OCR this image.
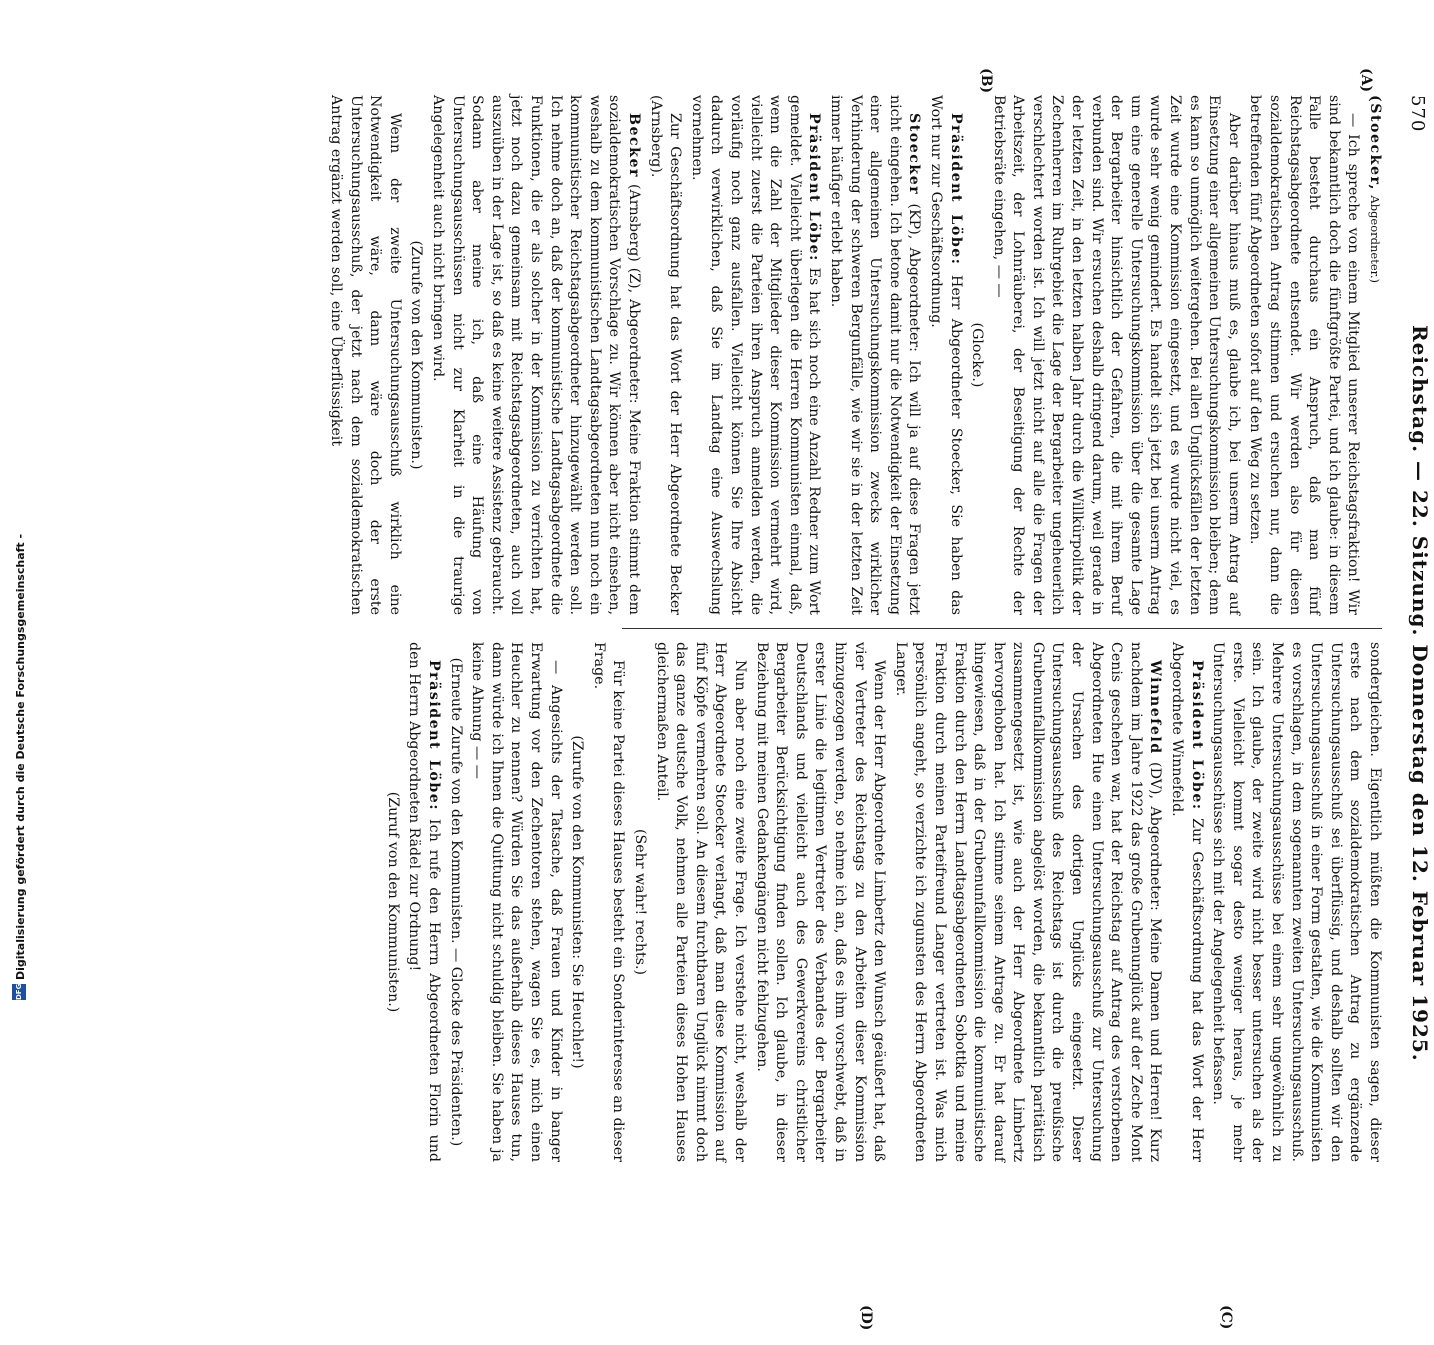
570
Reichstag. — 22. Sitzung. Donnerstag den 12. Februar 1925.
(A)
(B)
(C)
(D)

(Stoecker, Abgeordneter.)

— Ich spreche von einem Mitglied unserer Reichstagsfraktion! Wir sind bekanntlich doch die fünftgrößte Partei, und ich glaube: in diesem Falle besteht durchaus ein Anspruch, daß man fünf Reichstagsabgeordnete entsendet. Wir werden also für diesen sozialdemokratischen Antrag stimmen und ersuchen nur, dann die betreffenden fünf Abgeordneten sofort auf den Weg zu setzen.

Aber darüber hinaus muß es, glaube ich, bei unserm Antrag auf Einsetzung einer allgemeinen Untersuchungskommission bleiben; denn es kann so unmöglich weitergehen. Bei allen Unglücksfällen der letzten Zeit wurde eine Kommission eingesetzt, und es wurde nicht viel, es wurde sehr wenig gemindert. Es handelt sich jetzt bei unserm Antrag um eine generelle Untersuchungskommission über die gesamte Lage der Bergarbeiter hinsichtlich der Gefahren, die mit ihrem Beruf verbunden sind. Wir ersuchen deshalb dringend darum, weil gerade in der letzten Zeit, in den letzten halben Jahr durch die Willkürpolitik der Zechenherren im Ruhrgebiet die Lage der Bergarbeiter ungeheuerlich verschlechtert worden ist. Ich will jetzt nicht auf alle die Fragen der Arbeitszeit, der Lohnräuberei, der Beseitigung der Rechte der Betriebsräte eingehen, — —

(Glocke.)

Präsident Löbe: Herr Abgeordneter Stoecker, Sie haben das Wort nur zur Geschäftsordnung.

Stoecker (KP), Abgeordneter: Ich will ja auf diese Fragen jetzt nicht eingehen. Ich betone damit nur die Notwendigkeit der Einsetzung einer allgemeinen Untersuchungskommission zwecks wirklicher Verhinderung der schweren Bergunfälle, wie wir sie in der letzten Zeit immer häufiger erlebt haben.

Präsident Löbe: Es hat sich noch eine Anzahl Redner zum Wort gemeldet. Vielleicht überlegen die Herren Kommunisten einmal, daß, wenn die Zahl der Mitglieder dieser Kommission vermehrt wird, vielleicht zuerst die Parteien ihren Anspruch anmelden werden, die vorläufig noch ganz ausfallen. Vielleicht können Sie Ihre Absicht dadurch verwirklichen, daß Sie im Landtag eine Auswechslung vornehmen.

Zur Geschäftsordnung hat das Wort der Herr Abgeordnete Becker (Arnsberg).

Becker (Arnsberg) (Z), Abgeordneter: Meine Fraktion stimmt dem sozialdemokratischen Vorschlage zu. Wir können aber nicht einsehen, weshalb zu dem kommunistischen Landtagsabgeordneten nun noch ein kommunistischer Reichstagsabgeordneter hinzugewählt werden soll. Ich nehme doch an, daß der kommunistische Landtagsabgeordnete die Funktionen, die er als solcher in der Kommission zu verrichten hat, jetzt noch dazu gemeinsam mit Reichstagsabgeordneten, auch voll auszuüben in der Lage ist, so daß es keine weitere Assistenz gebraucht. Sodann aber meine ich, daß eine Häufung von Untersuchungsausschüssen nicht zur Klarheit in die traurige Angelegenheit auch nicht bringen wird.

(Zurufe von den Kommunisten.)

Wenn der zweite Untersuchungsausschuß wirklich eine Notwendigkeit wäre, dann wäre doch der erste Untersuchungsausschuß, der jetzt nach dem sozialdemokratischen Antrag ergänzt werden soll, eine Überflüssigkeit

sondergleichen. Eigentlich müßten die Kommunisten sagen, dieser erste nach dem sozialdemokratischen Antrag zu ergänzende Untersuchungsausschuß sei überflüssig, und deshalb sollten wir den Untersuchungsausschuß in einer Form gestalten, wie die Kommunisten es vorschlagen, in dem sogenannten zweiten Untersuchungsausschuß. Mehrere Untersuchungsausschüsse bei einem sehr ungewöhnlich zu sein. Ich glaube, der zweite wird nicht besser untersuchen als der erste. Vielleicht kommt sogar desto weniger heraus, je mehr Untersuchungsausschüsse sich mit der Angelegenheit befassen.

Präsident Löbe: Zur Geschäftsordnung hat das Wort der Herr Abgeordnete Winnefeld.

Winnefeld (DV), Abgeordneter: Meine Damen und Herren! Kurz nachdem im Jahre 1922 das große Grubenunglück auf der Zeche Mont Cenis geschehen war, hat der Reichstag auf Antrag des verstorbenen Abgeordneten Hue einen Untersuchungsausschuß zur Untersuchung der Ursachen des dortigen Unglücks eingesetzt. Dieser Untersuchungsausschuß des Reichstags ist durch die preußische Grubenunfallkommission abgelöst worden, die bekanntlich paritätisch zusammengesetzt ist, wie auch der Herr Abgeordnete Limbertz hervorgehoben hat. Ich stimme seinem Antrage zu. Er hat darauf hingewiesen, daß in der Grubenunfallkommission die kommunistische Fraktion durch den Herrn Landtagsabgeordneten Sobottka und meine Fraktion durch meinen Parteifreund Langer vertreten ist. Was mich persönlich angeht, so verzichte ich zugunsten des Herrn Abgeordneten Langer.

Wenn der Herr Abgeordnete Limbertz den Wunsch geäußert hat, daß vier Vertreter des Reichstags zu den Arbeiten dieser Kommission hinzugezogen werden, so nehme ich an, daß es ihm vorschwebt, daß in erster Linie die legitimen Vertreter des Verbandes der Bergarbeiter Deutschlands und vielleicht auch des Gewerkvereins christlicher Bergarbeiter Berücksichtigung finden sollen. Ich glaube, in dieser Beziehung mit meinen Gedankengängen nicht fehlzugehen.

Nun aber noch eine zweite Frage. Ich verstehe nicht, weshalb der Herr Abgeordnete Stoecker verlangt, daß man diese Kommission auf fünf Köpfe vermehren soll. An diesem furchtbaren Unglück nimmt doch das ganze deutsche Volk, nehmen alle Parteien dieses Hohen Hauses gleichermaßen Anteil.

(Sehr wahr! rechts.)

Für keine Partei dieses Hauses besteht ein Sonderinteresse an dieser Frage.

(Zurufe von den Kommunisten: Sie Heuchler!)

— Angesichts der Tatsache, daß Frauen und Kinder in banger Erwartung vor den Zechentoren stehen, wagen Sie es, mich einen Heuchler zu nennen? Würden Sie das außerhalb dieses Hauses tun, dann würde ich Ihnen die Quittung nicht schuldig bleiben. Sie haben ja keine Ahnung — —

(Erneute Zurufe von den Kommunisten. — Glocke des Präsidenten.)

Präsident Löbe: Ich rufe den Herrn Abgeordneten Florin und den Herrn Abgeordneten Rädel zur Ordnung!

(Zuruf von den Kommunisten.)

Digitalisierung gefördert durch die Deutsche Forschungsgemeinschaft -
DFG
